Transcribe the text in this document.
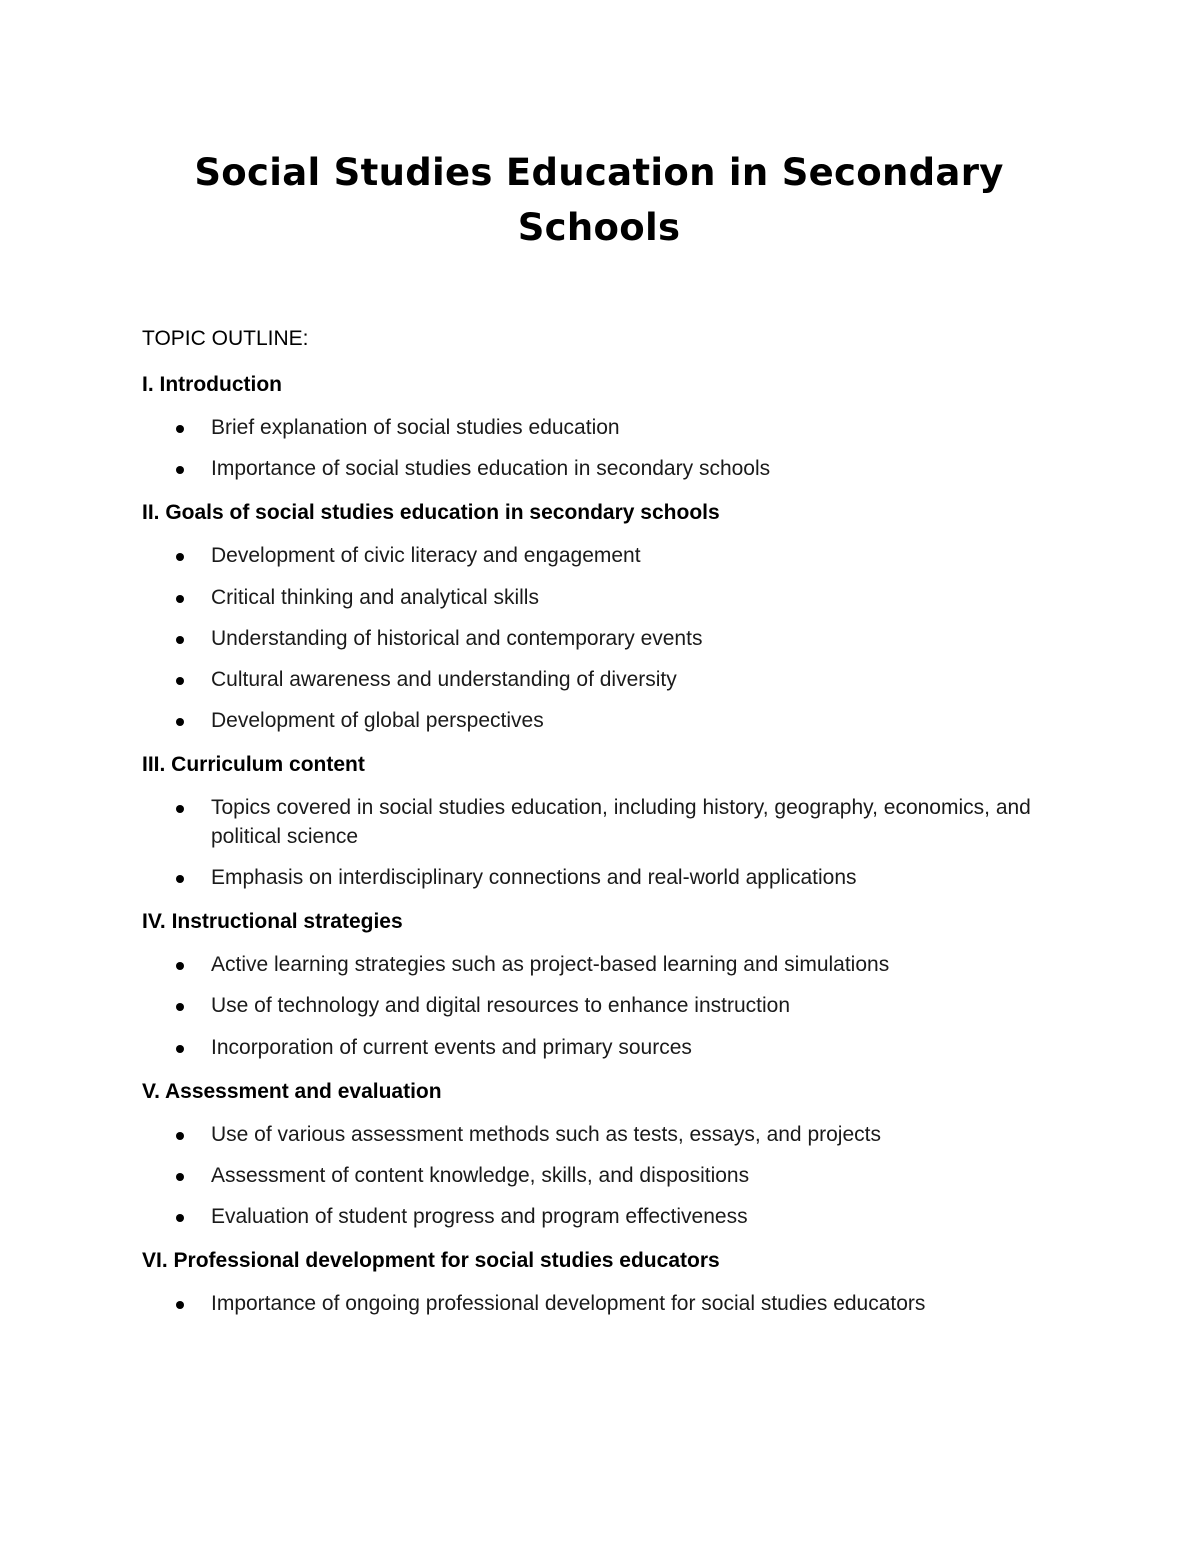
Social Studies Education in Secondary
Schools
TOPIC OUTLINE:
I. Introduction
Brief explanation of social studies education
Importance of social studies education in secondary schools
II. Goals of social studies education in secondary schools
Development of civic literacy and engagement
Critical thinking and analytical skills
Understanding of historical and contemporary events
Cultural awareness and understanding of diversity
Development of global perspectives
III. Curriculum content
Topics covered in social studies education, including history, geography, economics, and political science
Emphasis on interdisciplinary connections and real-world applications
IV. Instructional strategies
Active learning strategies such as project-based learning and simulations
Use of technology and digital resources to enhance instruction
Incorporation of current events and primary sources
V. Assessment and evaluation
Use of various assessment methods such as tests, essays, and projects
Assessment of content knowledge, skills, and dispositions
Evaluation of student progress and program effectiveness
VI. Professional development for social studies educators
Importance of ongoing professional development for social studies educators
